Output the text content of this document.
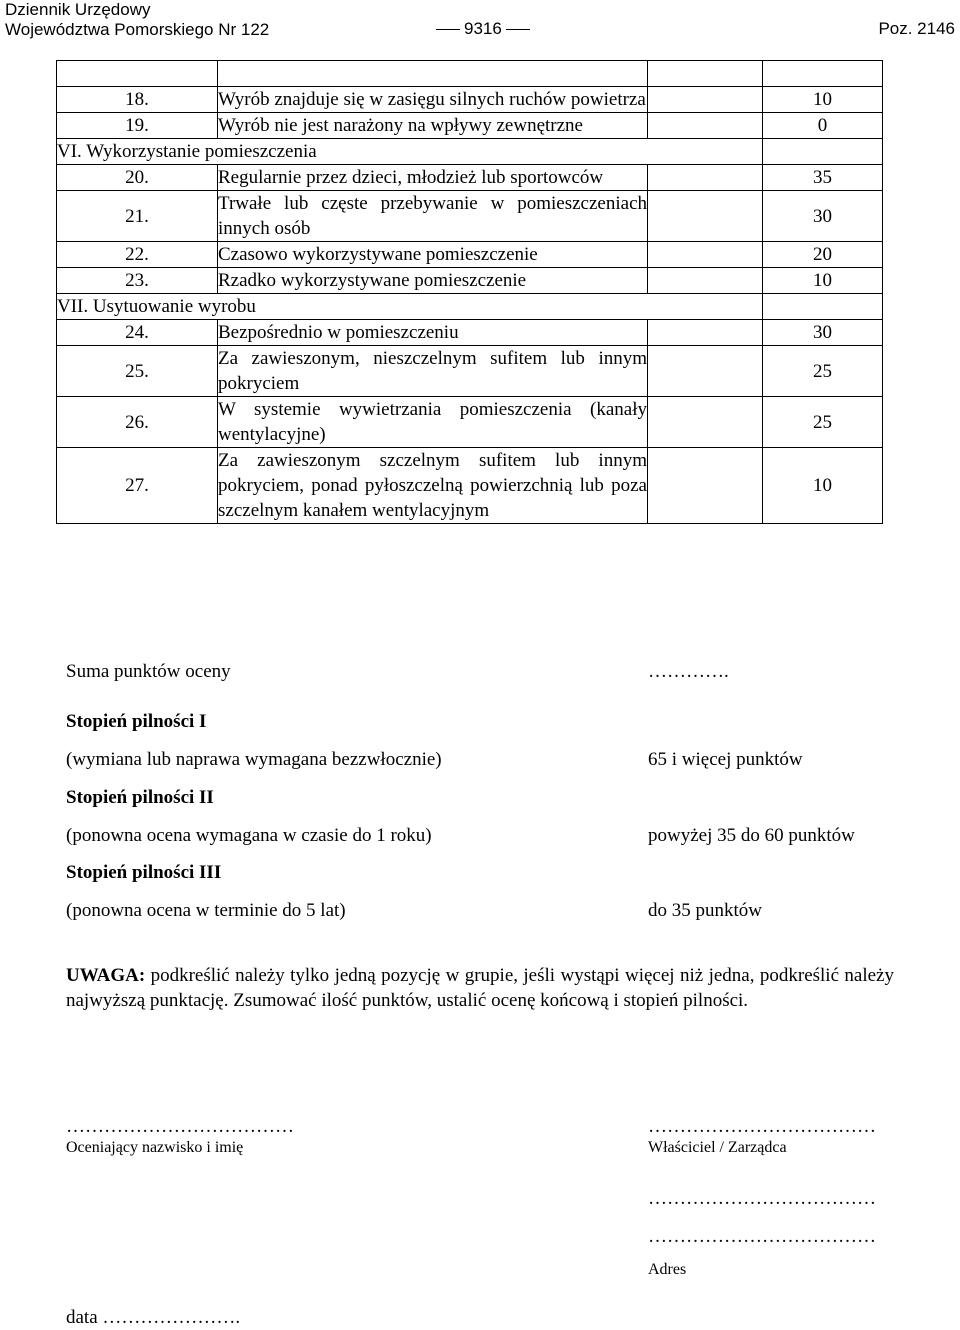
Dziennik Urzędowy
Województwa Pomorskiego Nr 122	9316	Poz. 2146

18.	Wyrób znajduje się w zasięgu silnych ruchów powietrza		10
19.	Wyrób nie jest narażony na wpływy zewnętrzne		0
VI. Wykorzystanie pomieszczenia			
20.	Regularnie przez dzieci, młodzież lub sportowców		35
21.	Trwałe lub częste przebywanie w pomieszczeniach innych osób		30
22.	Czasowo wykorzystywane pomieszczenie		20
23.	Rzadko wykorzystywane pomieszczenie		10
VII. Usytuowanie wyrobu			
24.	Bezpośrednio w pomieszczeniu		30
25.	Za zawieszonym, nieszczelnym sufitem lub innym pokryciem		25
26.	W systemie wywietrzania pomieszczenia (kanały wentylacyjne)		25
27.	Za zawieszonym szczelnym sufitem lub innym pokryciem, ponad pyłoszczelną powierzchnią lub poza szczelnym kanałem wentylacyjnym		10
Suma punktów oceny	………….
Stopień pilności I
(wymiana lub naprawa wymagana bezzwłocznie)	65 i więcej punktów
Stopień pilności II
(ponowna ocena wymagana w czasie do 1 roku)	powyżej 35 do 60 punktów
Stopień pilności III
(ponowna ocena w terminie do 5 lat)	do 35 punktów
UWAGA: podkreślić należy tylko jedną pozycję w grupie, jeśli wystąpi więcej niż jedna, podkreślić należy najwyższą punktację. Zsumować ilość punktów, ustalić ocenę końcową i stopień pilności.
………………………………
Oceniający nazwisko i imię
………………………………
Właściciel / Zarządca
………………………………
………………………………
Adres
data ………………….
